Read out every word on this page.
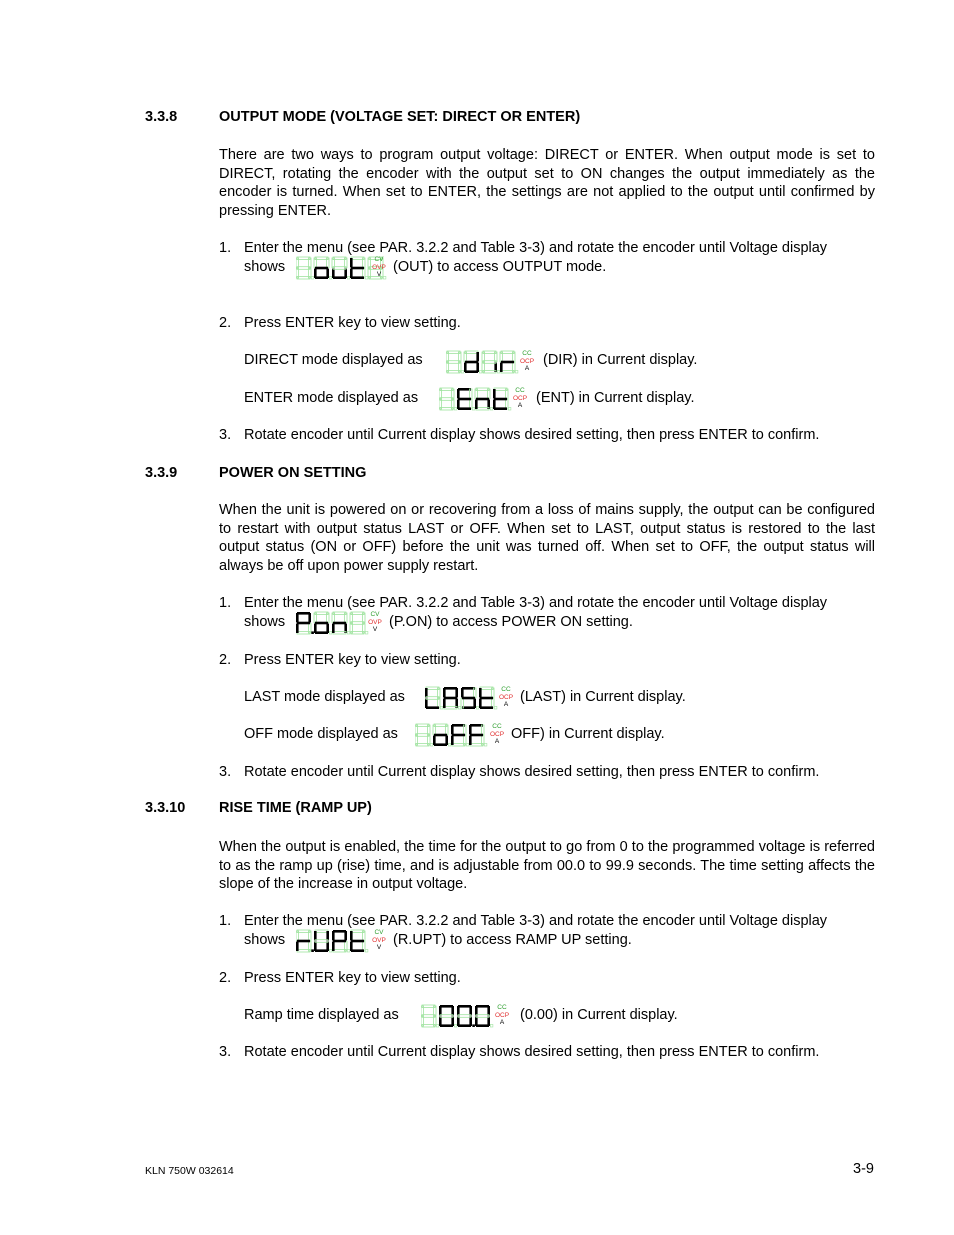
3.3.8	OUTPUT MODE (VOLTAGE SET: DIRECT OR ENTER)
There are two ways to program output voltage: DIRECT or ENTER. When output mode is set to DIRECT, rotating the encoder with the output set to ON changes the output immediately as the encoder is turned. When set to ENTER, the settings are not applied to the output until confirmed by pressing ENTER.
1. Enter the menu (see PAR. 3.2.2 and Table 3-3) and rotate the encoder until Voltage display
shows	CV
OVP
V (OUT) to access OUTPUT mode.
2. Press ENTER key to view setting.
DIRECT mode displayed as	CC
OCP
A
(DIR) in Current display.
ENTER mode displayed as	CC
OCP
A (ENT) in Current display.
3. Rotate encoder until Current display shows desired setting, then press ENTER to confirm.
3.3.9	POWER ON SETTING
When the unit is powered on or recovering from a loss of mains supply, the output can be configured to restart with output status LAST or OFF. When set to LAST, output status is restored to the last output status (ON or OFF) before the unit was turned off. When set to OFF, the output status will always be off upon power supply restart.
1. Enter the menu (see PAR. 3.2.2 and Table 3-3) and rotate the encoder until Voltage display
shows	CV
OVP
V (P.ON) to access POWER ON setting.
2. Press ENTER key to view setting.
LAST mode displayed as	CC
OCP
A (LAST) in Current display.
OFF mode displayed as	CC
OCP
A OFF) in Current display.
3. Rotate encoder until Current display shows desired setting, then press ENTER to confirm.
3.3.10 RISE TIME (RAMP UP)
When the output is enabled, the time for the output to go from 0 to the programmed voltage is referred to as the ramp up (rise) time, and is adjustable from 00.0 to 99.9 seconds. The time setting affects the slope of the increase in output voltage.
1. Enter the menu (see PAR. 3.2.2 and Table 3-3) and rotate the encoder until Voltage display
shows	CV
OVP
V (R.UPT) to access RAMP UP setting.
2. Press ENTER key to view setting.
Ramp time displayed as	CC
OCP
A	(0.00) in Current display.
3. Rotate encoder until Current display shows desired setting, then press ENTER to confirm.
KLN 750W 032614	3-9
